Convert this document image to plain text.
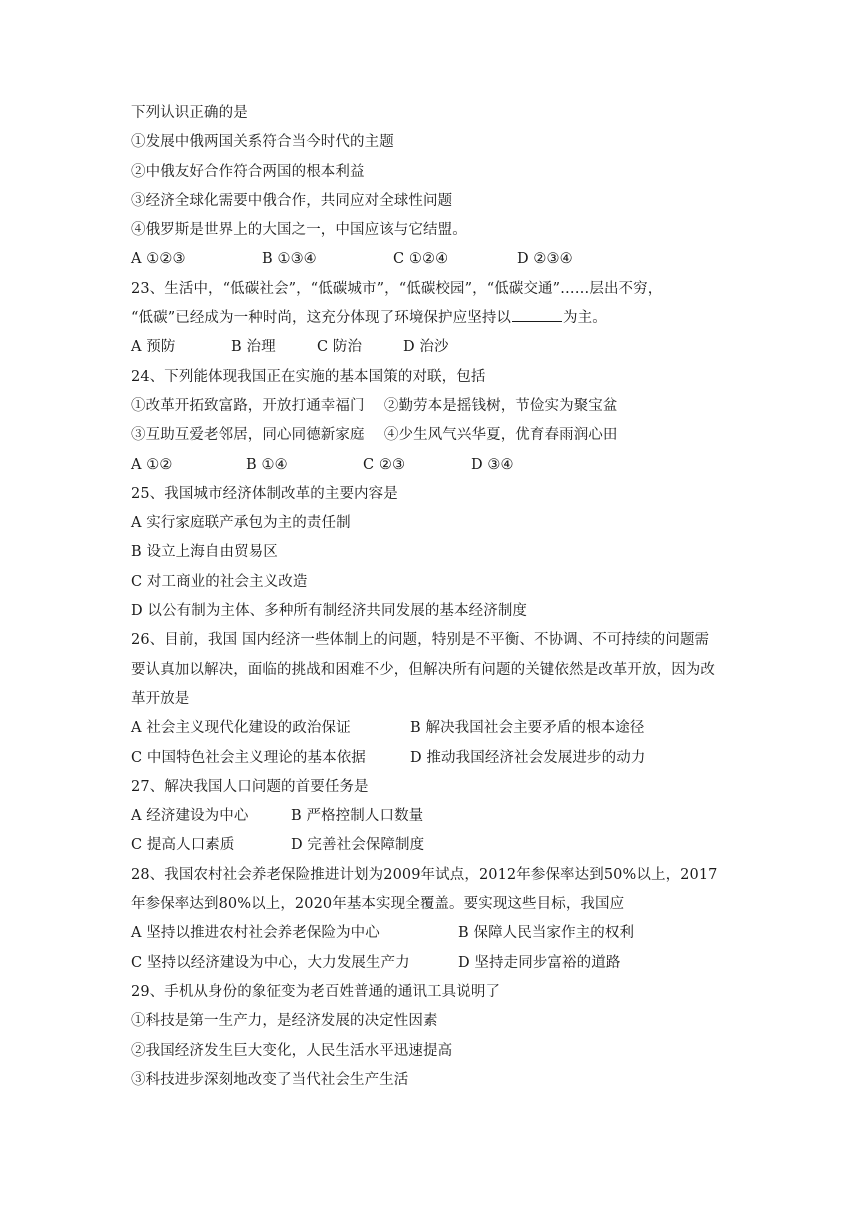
下列认识正确的是
①发展中俄两国关系符合当今时代的主题
②中俄友好合作符合两国的根本利益
③经济全球化需要中俄合作，共同应对全球性问题
④俄罗斯是世界上的大国之一，中国应该与它结盟。
A ①②③	B ①③④	C ①②④	D ②③④
23、生活中，“低碳社会”，“低碳城市”，“低碳校园”，“低碳交通”……层出不穷，
“低碳”已经成为一种时尚，这充分体现了环境保护应坚持以	为主。
A 预防	B 治理	C 防治	D 治沙
24、下列能体现我国正在实施的基本国策的对联，包括
①改革开拓致富路，开放打通幸福门　 ②勤劳本是摇钱树，节俭实为聚宝盆
③互助互爱老邻居，同心同德新家庭　 ④少生风气兴华夏，优育春雨润心田
A ①②	B ①④	C ②③	D ③④
25、我国城市经济体制改革的主要内容是
A 实行家庭联产承包为主的责任制
B 设立上海自由贸易区
C 对工商业的社会主义改造
D 以公有制为主体、多种所有制经济共同发展的基本经济制度
26、目前，我国 国内经济一些体制上的问题，特别是不平衡、不协调、不可持续的问题需
要认真加以解决，面临的挑战和困难不少，但解决所有问题的关键依然是改革开放，因为改
革开放是
A 社会主义现代化建设的政治保证	B 解决我国社会主要矛盾的根本途径
C 中国特色社会主义理论的基本依据	D 推动我国经济社会发展进步的动力
27、解决我国人口问题的首要任务是
A 经济建设为中心	B 严格控制人口数量
C 提高人口素质	D 完善社会保障制度
28、我国农村社会养老保险推进计划为2009年试点，2012年参保率达到50%以上，2017
年参保率达到80%以上，2020年基本实现全覆盖。要实现这些目标，我国应
A 坚持以推进农村社会养老保险为中心	B 保障人民当家作主的权利
C 坚持以经济建设为中心，大力发展生产力	D 坚持走同步富裕的道路
29、手机从身份的象征变为老百姓普通的通讯工具说明了
①科技是第一生产力，是经济发展的决定性因素
②我国经济发生巨大变化，人民生活水平迅速提高
③科技进步深刻地改变了当代社会生产生活
